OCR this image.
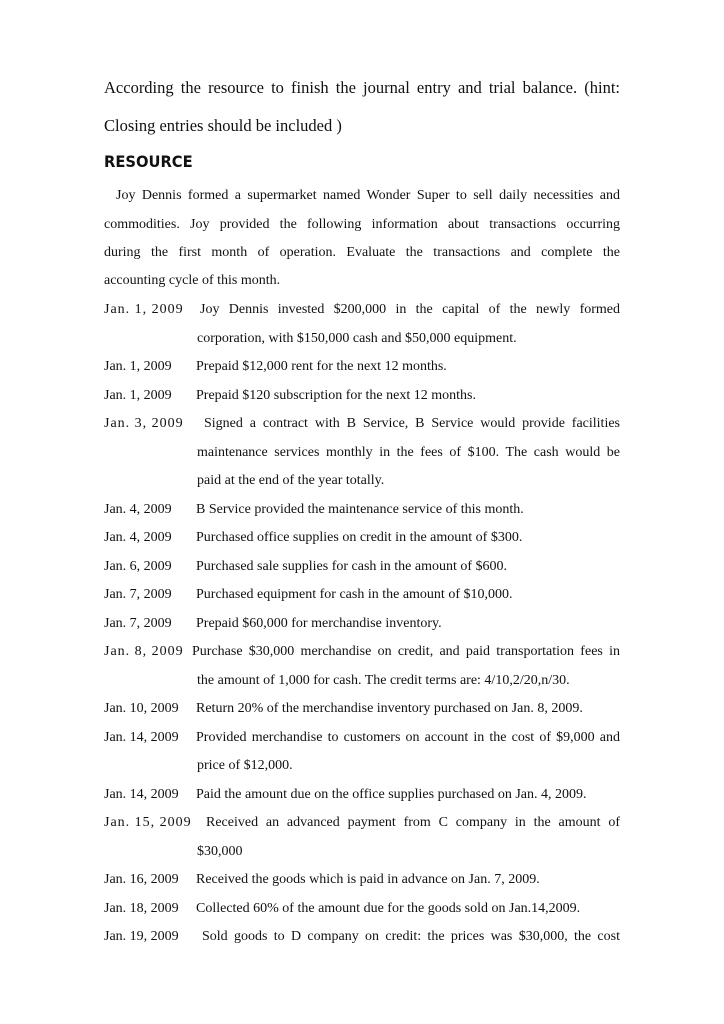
According the resource to finish the journal entry and trial balance. (hint:
Closing entries should be included )
RESOURCE
Joy Dennis formed a supermarket named Wonder Super to sell daily necessities and
commodities. Joy provided the following information about transactions occurring
during the first month of operation. Evaluate the transactions and complete the
accounting cycle of this month.
Jan. 1, 2009	Joy Dennis invested $200,000 in the capital of the newly formed
corporation, with $150,000 cash and $50,000 equipment.
Jan. 1, 2009 Prepaid $12,000 rent for the next 12 months.
Jan. 1, 2009 Prepaid $120 subscription for the next 12 months.
Jan. 3, 2009	Signed a contract with B Service, B Service would provide facilities
maintenance services monthly in the fees of $100. The cash would be
paid at the end of the year totally.
Jan. 4, 2009 B Service provided the maintenance service of this month.
Jan. 4, 2009 Purchased office supplies on credit in the amount of $300.
Jan. 6, 2009 Purchased sale supplies for cash in the amount of $600.
Jan. 7, 2009 Purchased equipment for cash in the amount of $10,000.
Jan. 7, 2009 Prepaid $60,000 for merchandise inventory.
Jan. 8, 2009 Purchase $30,000 merchandise on credit, and paid transportation fees in
the amount of 1,000 for cash. The credit terms are: 4/10,2/20,n/30.
Jan. 10, 2009 Return 20% of the merchandise inventory purchased on Jan. 8, 2009.
Jan. 14, 2009	Provided merchandise to customers on account in the cost of $9,000 and
price of $12,000.
Jan. 14, 2009 Paid the amount due on the office supplies purchased on Jan. 4, 2009.
Jan. 15, 2009	Received an advanced payment from C company in the amount of
$30,000
Jan. 16, 2009 Received the goods which is paid in advance on Jan. 7, 2009.
Jan. 18, 2009 Collected 60% of the amount due for the goods sold on Jan.14,2009.
Jan. 19, 2009	Sold goods to D company on credit: the prices was $30,000, the cost
